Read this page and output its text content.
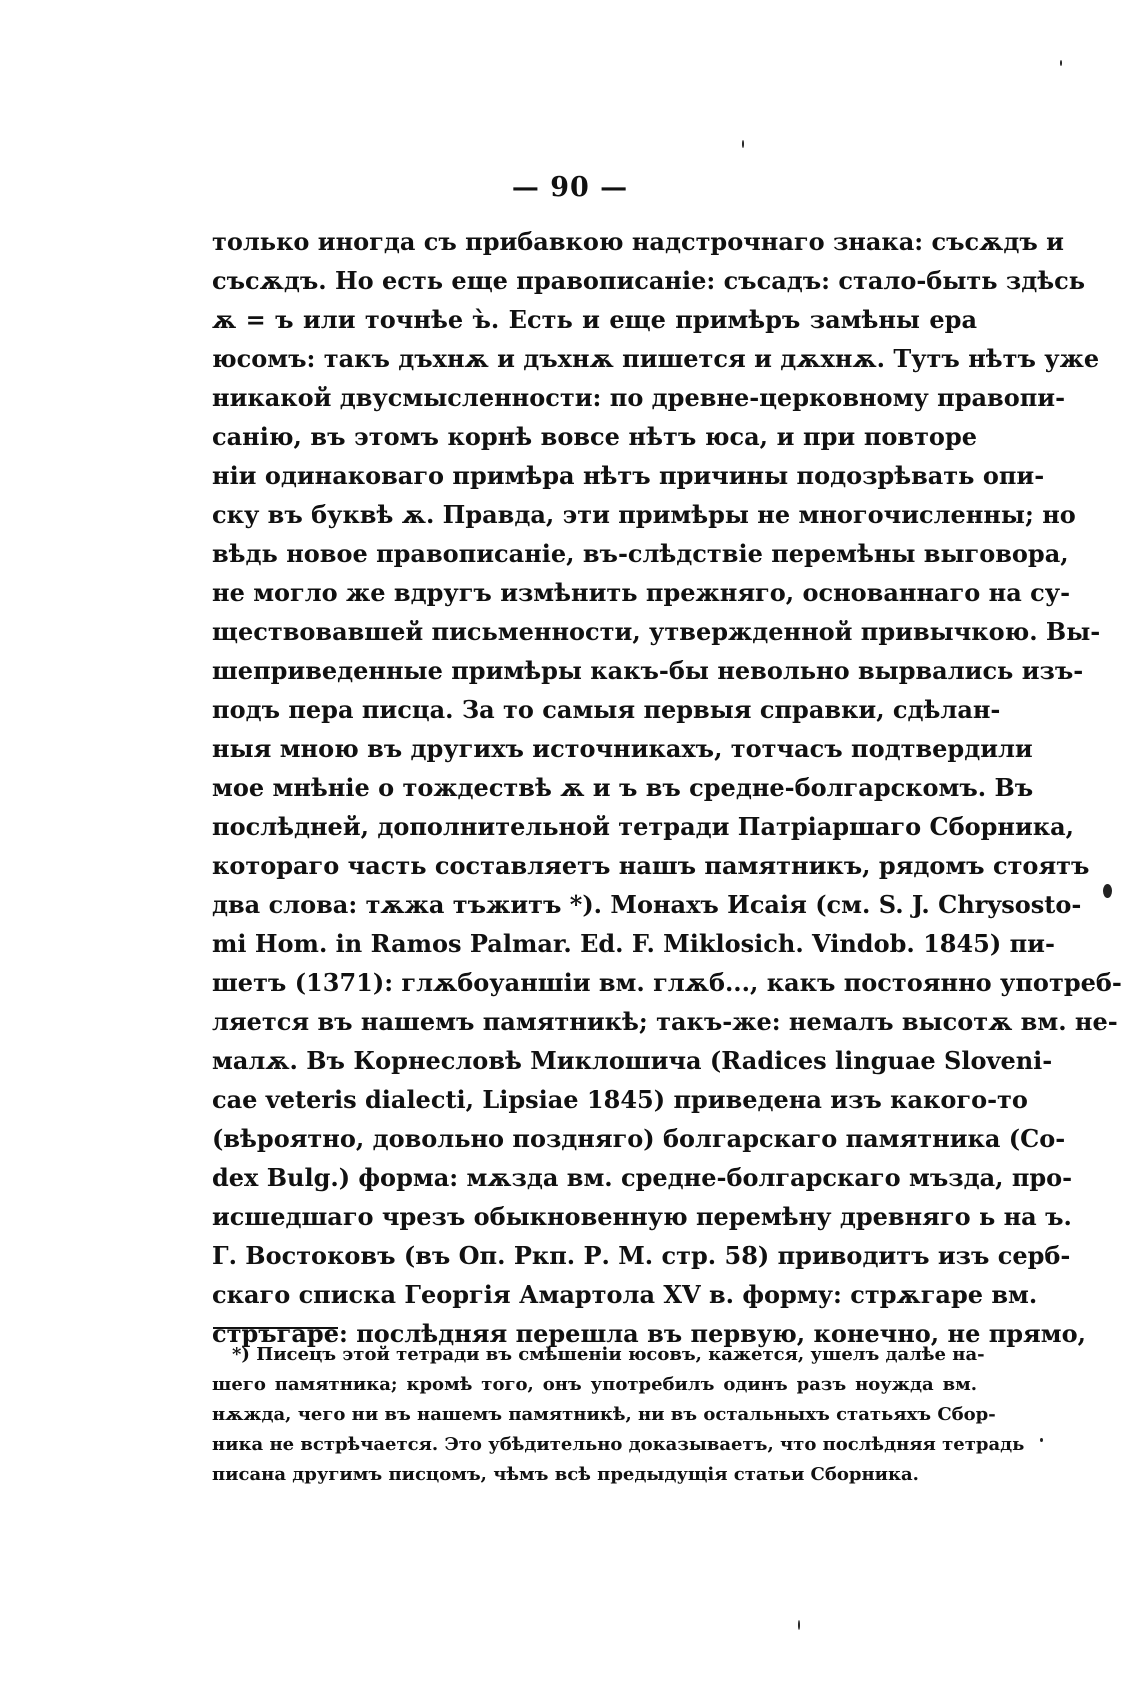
— 90 —
только иногда съ прибавкою надстрочнаго знака: съсѫдъ и
съсѫдъ. Но есть еще правописаніе: съсадъ: стало-быть здѣсь
ѫ = ъ или точнѣе ъ̀. Есть и еще примѣръ замѣны ера
юсомъ: такъ дъхнѫ и дъхнѫ пишется и дѫхнѫ. Тутъ нѣтъ уже
никакой двусмысленности: по древне-церковному правопи-
санію, въ этомъ корнѣ вовсе нѣтъ юса, и при повторе
ніи одинаковаго примѣра нѣтъ причины подозрѣвать опи-
ску въ буквѣ ѫ. Правда, эти примѣры не многочисленны; но
вѣдь новое правописаніе, въ-слѣдствіе перемѣны выговора,
не могло же вдругъ измѣнить прежняго, основаннаго на су-
ществовавшей письменности, утвержденной привычкою. Вы-
шеприведенные примѣры какъ-бы невольно вырвались изъ-
подъ пера писца. За то самыя первыя справки, сдѣлан-
ныя мною въ другихъ источникахъ, тотчасъ подтвердили
мое мнѣніе о тождествѣ ѫ и ъ въ средне-болгарскомъ. Въ
послѣдней, дополнительной тетради Патріаршаго Сборника,
котораго часть составляетъ нашъ памятникъ, рядомъ стоятъ
два слова: тѫжа тъжитъ *). Монахъ Исаія (см. S. J. Chrysosto-
mi Hom. in Ramos Palmar. Ed. F. Miklosich. Vindob. 1845) пи-
шетъ (1371): глѫбоуаншіи вм. глѫб..., какъ постоянно употреб-
ляется въ нашемъ памятникѣ; такъ-же: немалъ высотѫ вм. не-
малѫ. Въ Корнесловѣ Миклошича (Radices linguae Sloveni-
cae veteris dialecti, Lipsiae 1845) приведена изъ какого-то
(вѣроятно, довольно поздняго) болгарскаго памятника (Co-
dex Bulg.) форма: мѫзда вм. средне-болгарскаго мъзда, про-
исшедшаго чрезъ обыкновенную перемѣну древняго ь на ъ.
Г. Востоковъ (въ Оп. Ркп. Р. М. стр. 58) приводитъ изъ серб-
скаго списка Георгія Амартола XV в. форму: стрѫгаре вм.
стръгаре: послѣдняя перешла въ первую, конечно, не прямо,
*) Писецъ этой тетради въ смѣшеніи юсовъ, кажется, ушелъ далѣе на-
шего памятника; кромѣ того, онъ употребилъ одинъ разъ ноужда вм.
нѫжда, чего ни въ нашемъ памятникѣ, ни въ остальныхъ статьяхъ Сбор-
ника не встрѣчается. Это убѣдительно доказываетъ, что послѣдняя тетрадь
писана другимъ писцомъ, чѣмъ всѣ предыдущія статьи Сборника.
